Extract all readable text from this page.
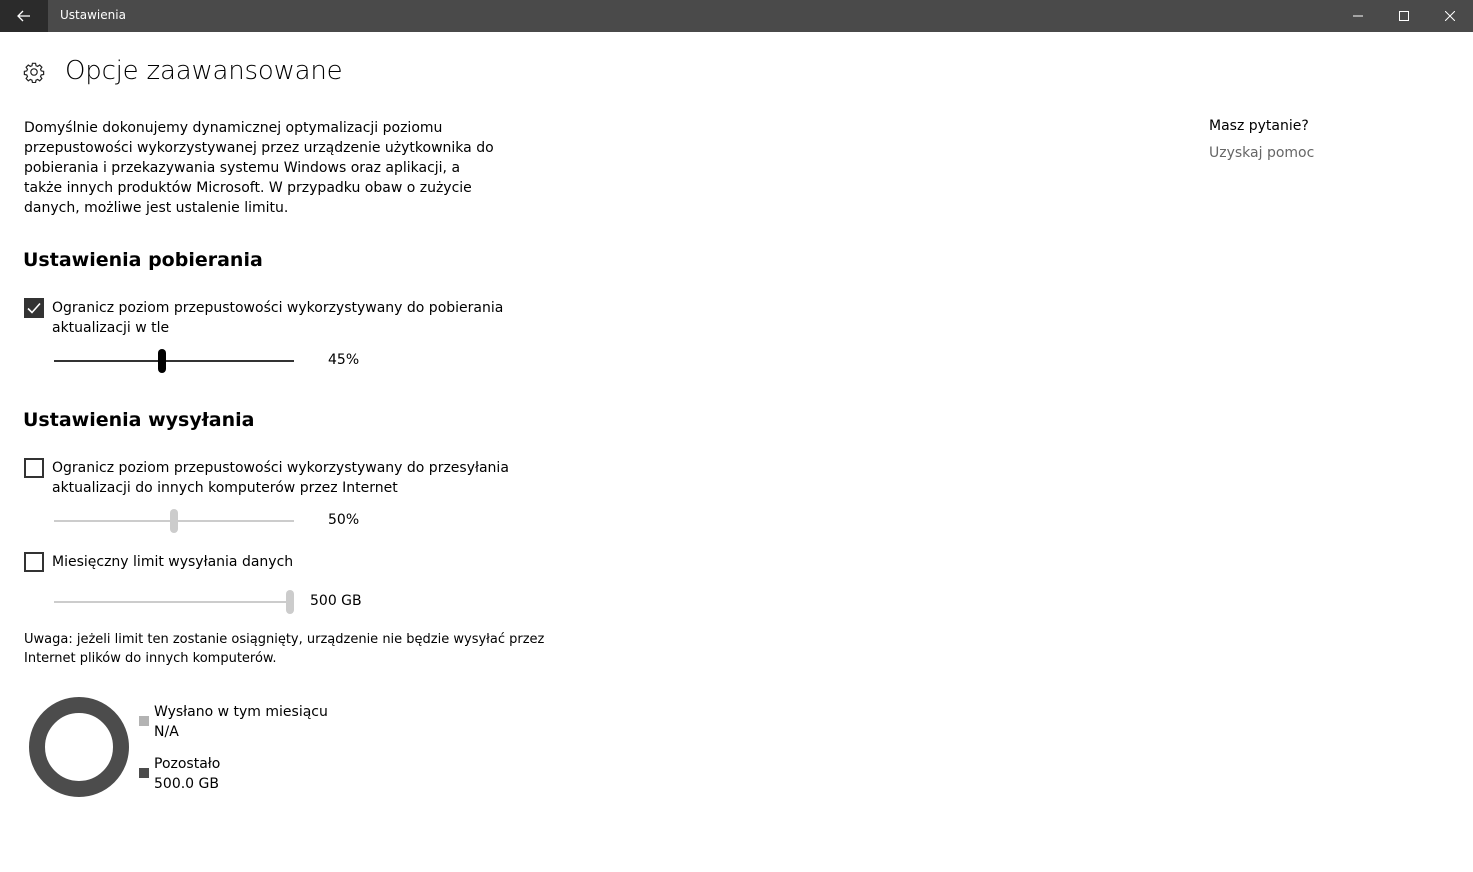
Ustawienia
Opcje zaawansowane

Domyślnie dokonujemy dynamicznej optymalizacji poziomu przepustowości wykorzystywanej przez urządzenie użytkownika do pobierania i przekazywania systemu Windows oraz aplikacji, a także innych produktów Microsoft. W przypadku obaw o zużycie danych, możliwe jest ustalenie limitu.

Masz pytanie?
Uzyskaj pomoc
Ustawienia pobierania
Ogranicz poziom przepustowości wykorzystywany do pobierania aktualizacji w tle
45%
Ustawienia wysyłania
Ogranicz poziom przepustowości wykorzystywany do przesyłania aktualizacji do innych komputerów przez Internet
50%
Miesięczny limit wysyłania danych
500 GB

Uwaga: jeżeli limit ten zostanie osiągnięty, urządzenie nie będzie wysyłać przez Internet plików do innych komputerów.

Wysłano w tym miesiącu
N/A
Pozostało
500.0 GB
